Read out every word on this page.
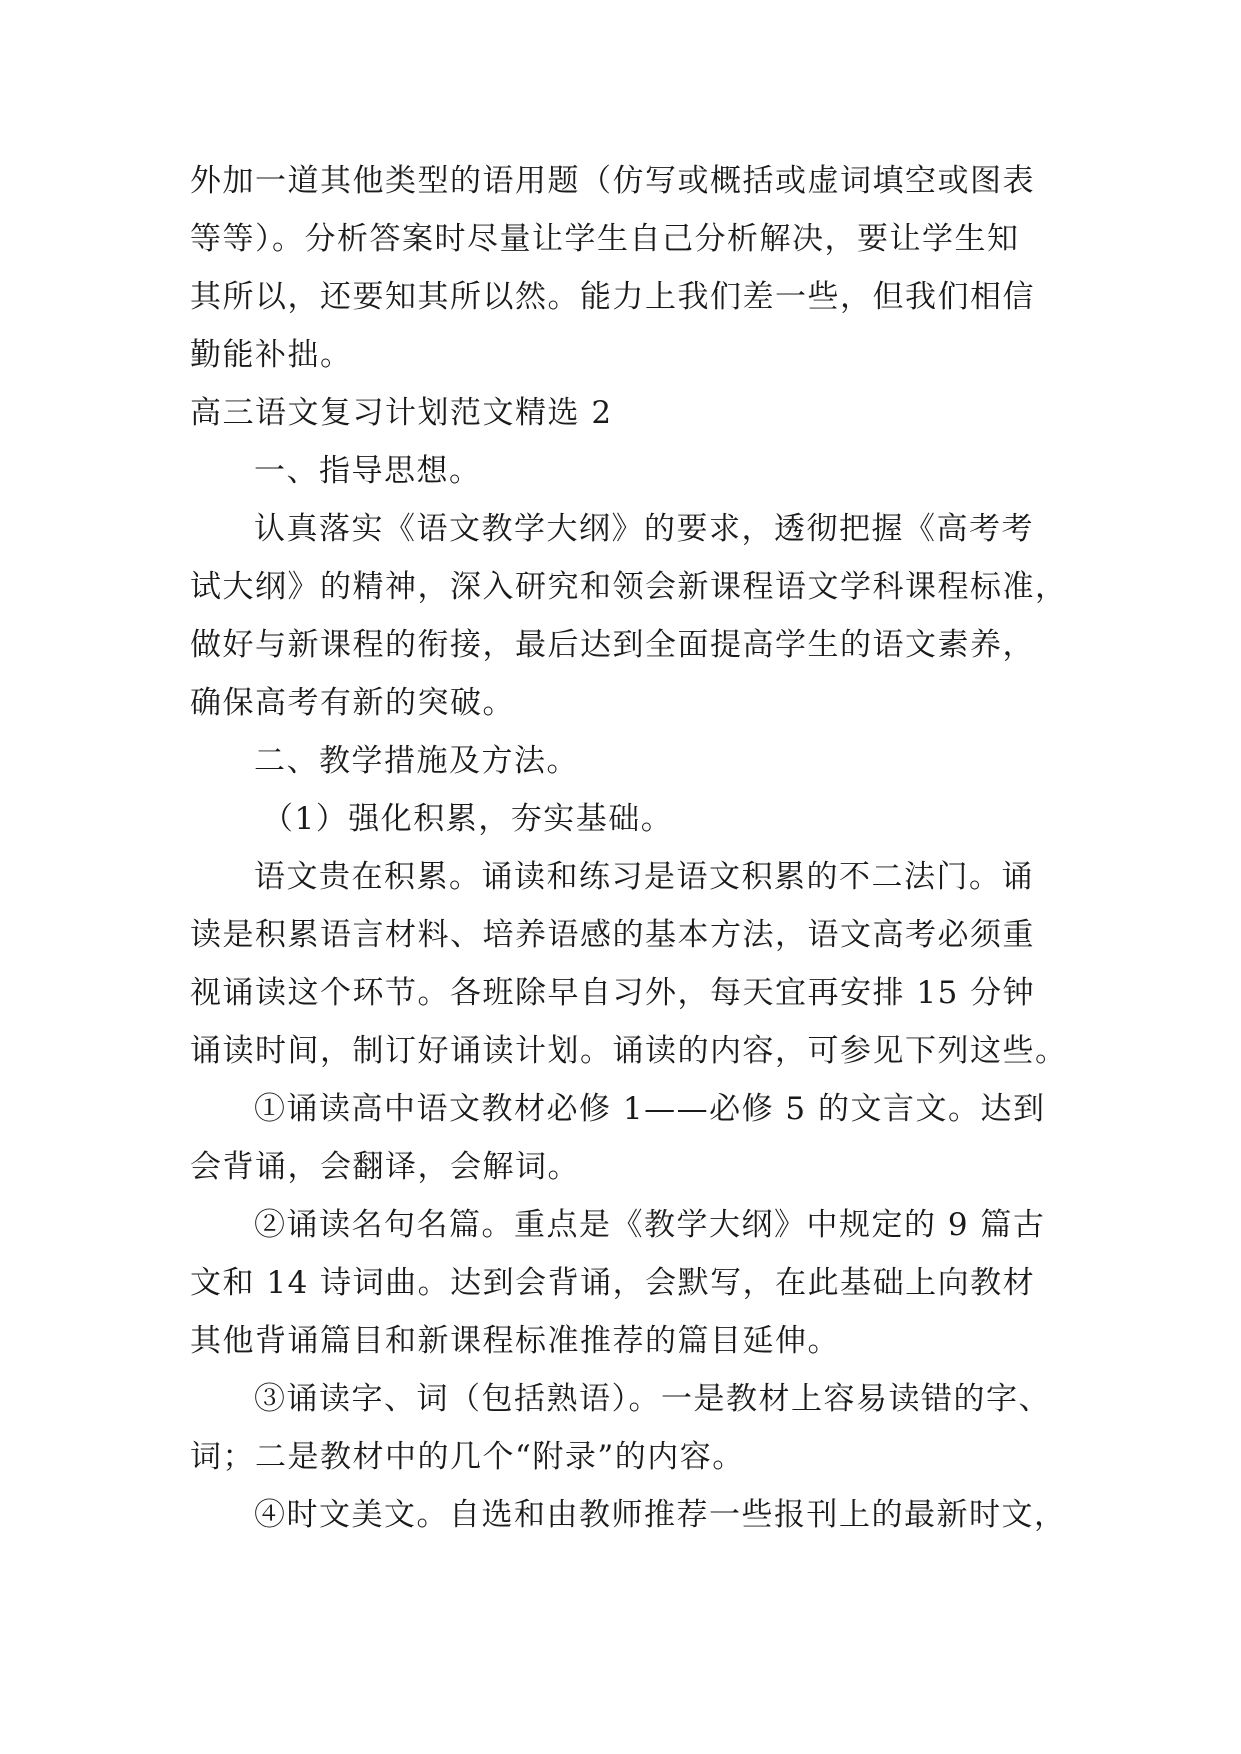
外加一道其他类型的语用题（仿写或概括或虚词填空或图表
等等）。分析答案时尽量让学生自己分析解决，要让学生知
其所以，还要知其所以然。能力上我们差一些，但我们相信
勤能补拙。
高三语文复习计划范文精选 2
一、指导思想。
认真落实《语文教学大纲》的要求，透彻把握《高考考
试大纲》的精神，深入研究和领会新课程语文学科课程标准，
做好与新课程的衔接，最后达到全面提高学生的语文素养，
确保高考有新的突破。
二、教学措施及方法。
（1）强化积累，夯实基础。
语文贵在积累。诵读和练习是语文积累的不二法门。诵
读是积累语言材料、培养语感的基本方法，语文高考必须重
视诵读这个环节。各班除早自习外，每天宜再安排 15 分钟
诵读时间，制订好诵读计划。诵读的内容，可参见下列这些。
①诵读高中语文教材必修 1——必修 5 的文言文。达到
会背诵，会翻译，会解词。
②诵读名句名篇。重点是《教学大纲》中规定的 9 篇古
文和 14 诗词曲。达到会背诵，会默写，在此基础上向教材
其他背诵篇目和新课程标准推荐的篇目延伸。
③诵读字、词（包括熟语）。一是教材上容易读错的字、
词；二是教材中的几个“附录”的内容。
④时文美文。自选和由教师推荐一些报刊上的最新时文，
